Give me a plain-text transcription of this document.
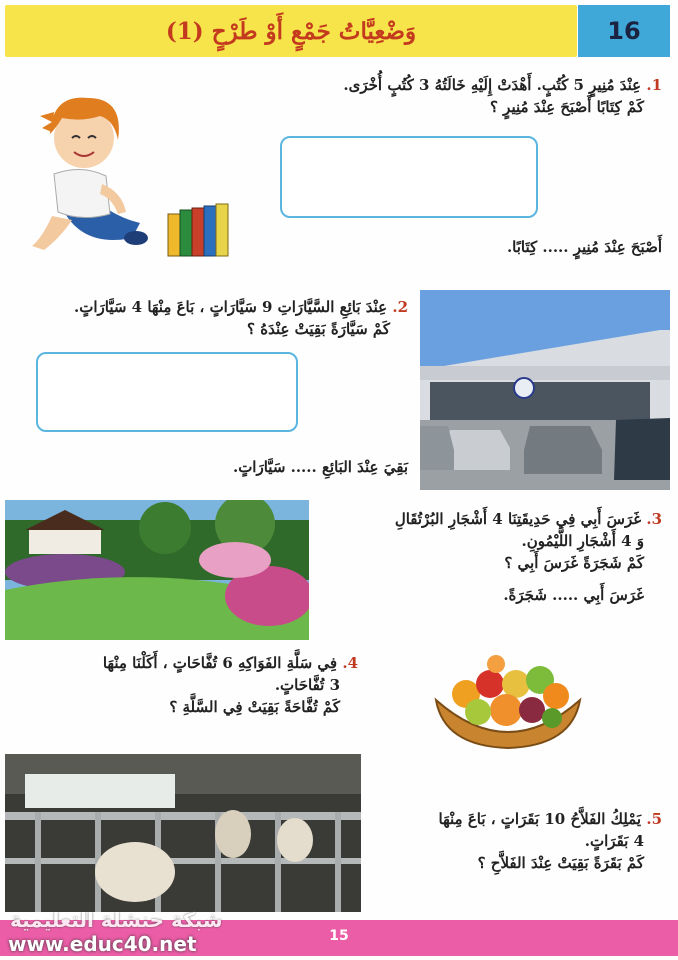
وَضْعِيَّاتُ جَمْعٍ أَوْ طَرْحٍ (1)	16
1. عِنْدَ مُنِيرٍ 5 كُتُبٍ. أَهْدَتْ إِلَيْهِ خَالَتُهُ 3 كُتُبٍ أُخْرَى.
كَمْ كِتَابًا أَصْبَحَ عِنْدَ مُنِيرٍ ؟
أَصْبَحَ عِنْدَ مُنِيرٍ ..... كِتَابًا.
2. عِنْدَ بَائِعِ السَّيَّارَاتِ 9 سَيَّارَاتٍ ، بَاعَ مِنْهَا 4 سَيَّارَاتٍ.
كَمْ سَيَّارَةً بَقِيَتْ عِنْدَهُ ؟
بَقِيَ عِنْدَ البَائِعِ ..... سَيَّارَاتٍ.
3. غَرَسَ أَبِي فِي حَدِيقَتِنَا 4 أَشْجَارِ البُرْتُقَالِ
وَ 4 أَشْجَارِ اللَّيْمُونِ.
كَمْ شَجَرَةً غَرَسَ أَبِي ؟
غَرَسَ أَبِي ..... شَجَرَةً.
4. فِي سَلَّةِ الفَوَاكِهِ 6 تُفَّاحَاتٍ ، أَكَلْنَا مِنْهَا
3 تُفَّاحَاتٍ.
كَمْ تُفَّاحَةً بَقِيَتْ فِي السَّلَّةِ ؟
5. يَمْلِكُ الفَلاَّحُ 10 بَقَرَاتٍ ، بَاعَ مِنْهَا
4 بَقَرَاتٍ.
كَمْ بَقَرَةً بَقِيَتْ عِنْدَ الفَلاَّحِ ؟
15
شبكة حنشلة التعليمية
www.educ40.net
